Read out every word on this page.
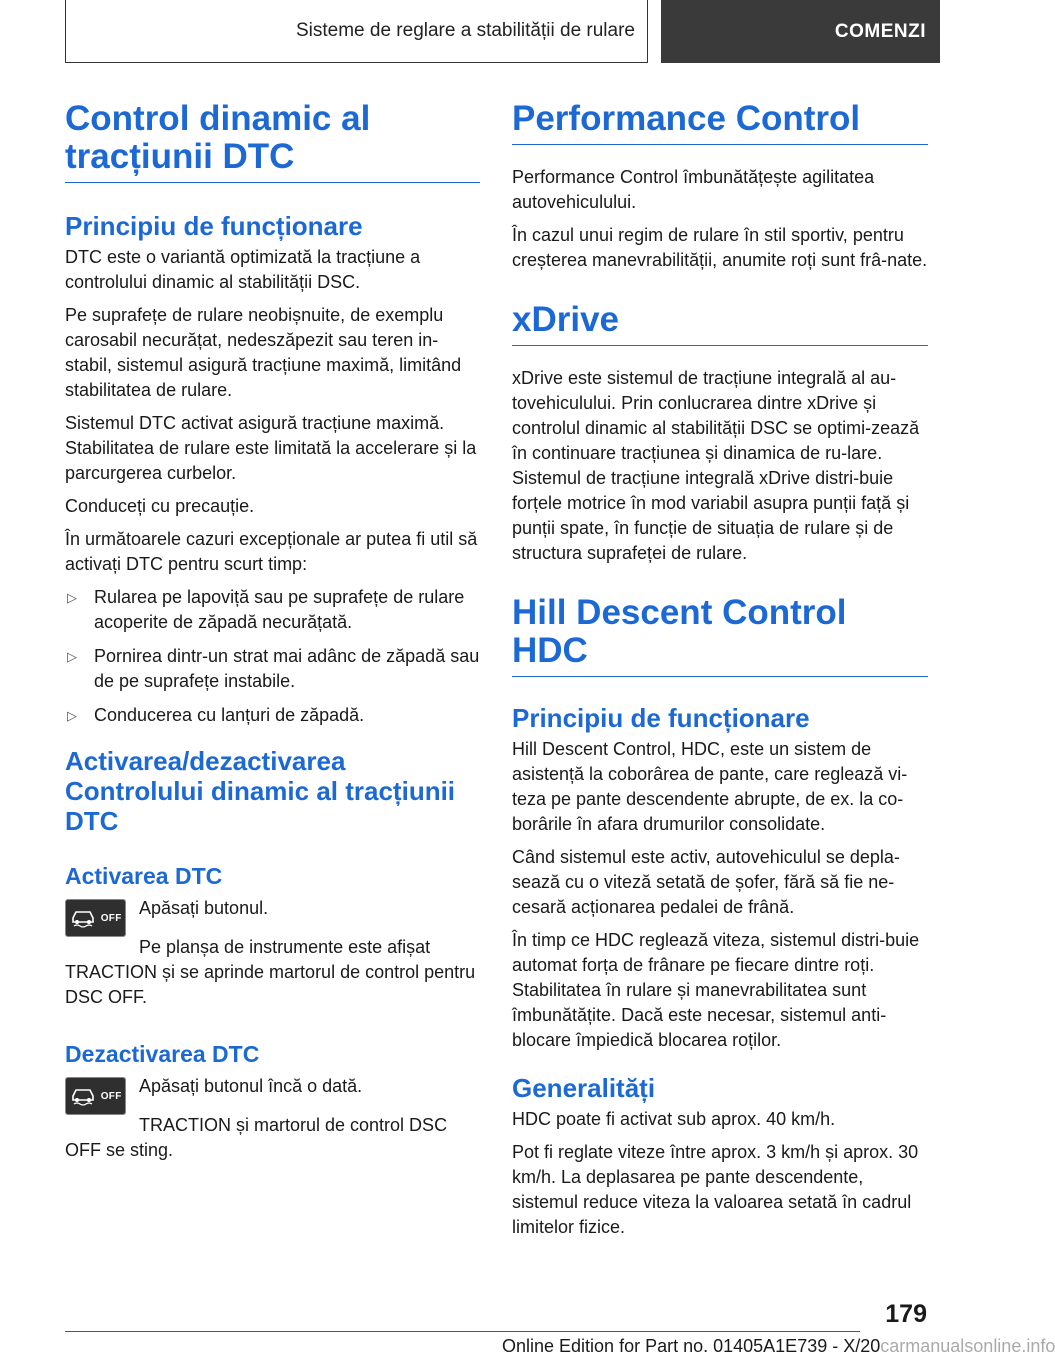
Sisteme de reglare a stabilității de rulare	COMENZI
Control dinamic al tracțiunii DTC
Principiu de funcționare

DTC este o variantă optimizată la tracțiune a controlului dinamic al stabilității DSC.

Pe suprafețe de rulare neobișnuite, de exemplu carosabil necurățat, nedeszăpezit sau teren in‐stabil, sistemul asigură tracțiune maximă, limitând stabilitatea de rulare.

Sistemul DTC activat asigură tracțiune maximă. Stabilitatea de rulare este limitată la accelerare și la parcurgerea curbelor.

Conduceți cu precauție.

În următoarele cazuri excepționale ar putea fi util să activați DTC pentru scurt timp:

▷ Rularea pe lapoviță sau pe suprafețe de rulare acoperite de zăpadă necurățată.
▷ Pornirea dintr-un strat mai adânc de zăpadă sau de pe suprafețe instabile.
▷ Conducerea cu lanțuri de zăpadă.
Activarea/dezactivarea Controlului dinamic al tracțiunii DTC
Activarea DTC
OFF Apăsați butonul.

Pe planșa de instrumente este afișat TRACTION și se aprinde martorul de control pentru DSC OFF.

Dezactivarea DTC
OFF Apăsați butonul încă o dată.

TRACTION și martorul de control DSC OFF se sting.

Performance Control

Performance Control îmbunătățește agilitatea autovehiculului.

În cazul unui regim de rulare în stil sportiv, pentru creșterea manevrabilității, anumite roți sunt frâ‐nate.

xDrive

xDrive este sistemul de tracțiune integrală al au‐tovehiculului. Prin conlucrarea dintre xDrive și controlul dinamic al stabilității DSC se optimi‐zează în continuare tracțiunea și dinamica de ru‐lare. Sistemul de tracțiune integrală xDrive distri‐buie forțele motrice în mod variabil asupra punții față și punții spate, în funcție de situația de rulare și de structura suprafeței de rulare.

Hill Descent Control HDC
Principiu de funcționare

Hill Descent Control, HDC, este un sistem de asistență la coborârea de pante, care reglează vi‐teza pe pante descendente abrupte, de ex. la co‐borârile în afara drumurilor consolidate.

Când sistemul este activ, autovehiculul se depla‐sează cu o viteză setată de șofer, fără să fie ne‐cesară acționarea pedalei de frână.

În timp ce HDC reglează viteza, sistemul distri‐buie automat forța de frânare pe fiecare dintre roți. Stabilitatea în rulare și manevrabilitatea sunt îmbunătățite. Dacă este necesar, sistemul anti‐blocare împiedică blocarea roților.

Generalități

HDC poate fi activat sub aprox. 40 km/h.

Pot fi reglate viteze între aprox. 3 km/h și aprox. 30 km/h. La deplasarea pe pante descendente, sistemul reduce viteza la valoarea setată în cadrul limitelor fizice.

179
Online Edition for Part no. 01405A1E739 - X/20carmanualsonline.info
